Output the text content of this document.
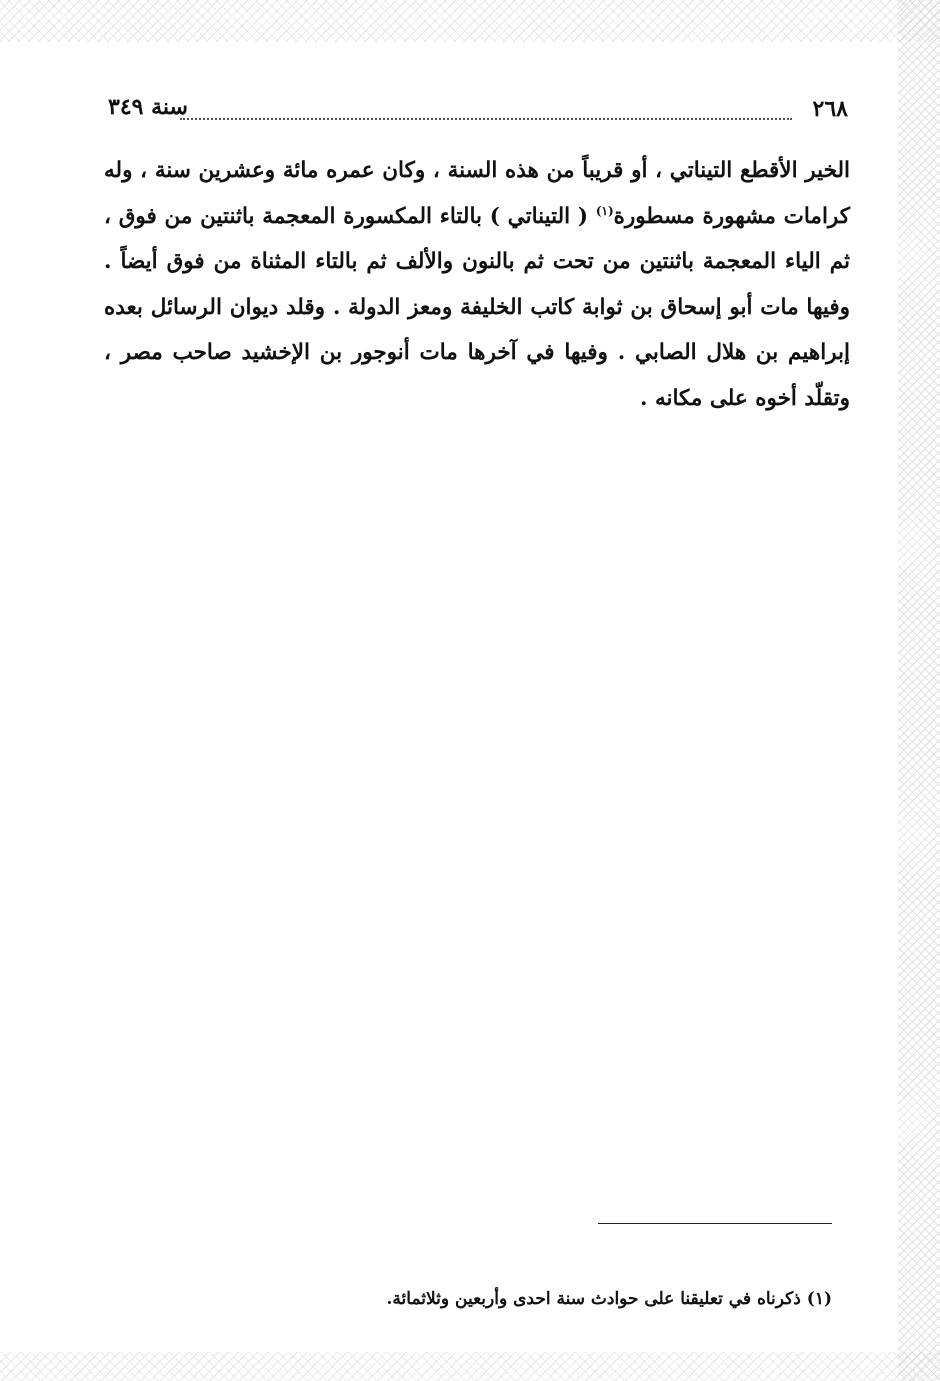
٢٦٨
سنة ٣٤٩
الخير الأقطع التيناتي ، أو قريباً من هذه السنة ، وكان عمره مائة وعشرين سنة ، وله كرامات مشهورة مسطورة$^{(١)}$ ( التيناتي ) بالتاء المكسورة المعجمة باثنتين من فوق ، ثم الياء المعجمة باثنتين من تحت ثم بالنون والألف ثم بالتاء المثناة من فوق أيضاً . وفيها مات أبو إسحاق بن ثوابة كاتب الخليفة ومعز الدولة . وقلد ديوان الرسائل بعده إبراهيم بن هلال الصابي . وفيها في آخرها مات أنوجور بن الإخشيد صاحب مصر ، وتقلّد أخوه على مكانه .
(١) ذكرناه في تعليقنا على حوادث سنة احدى وأربعين وثلاثمائة.
